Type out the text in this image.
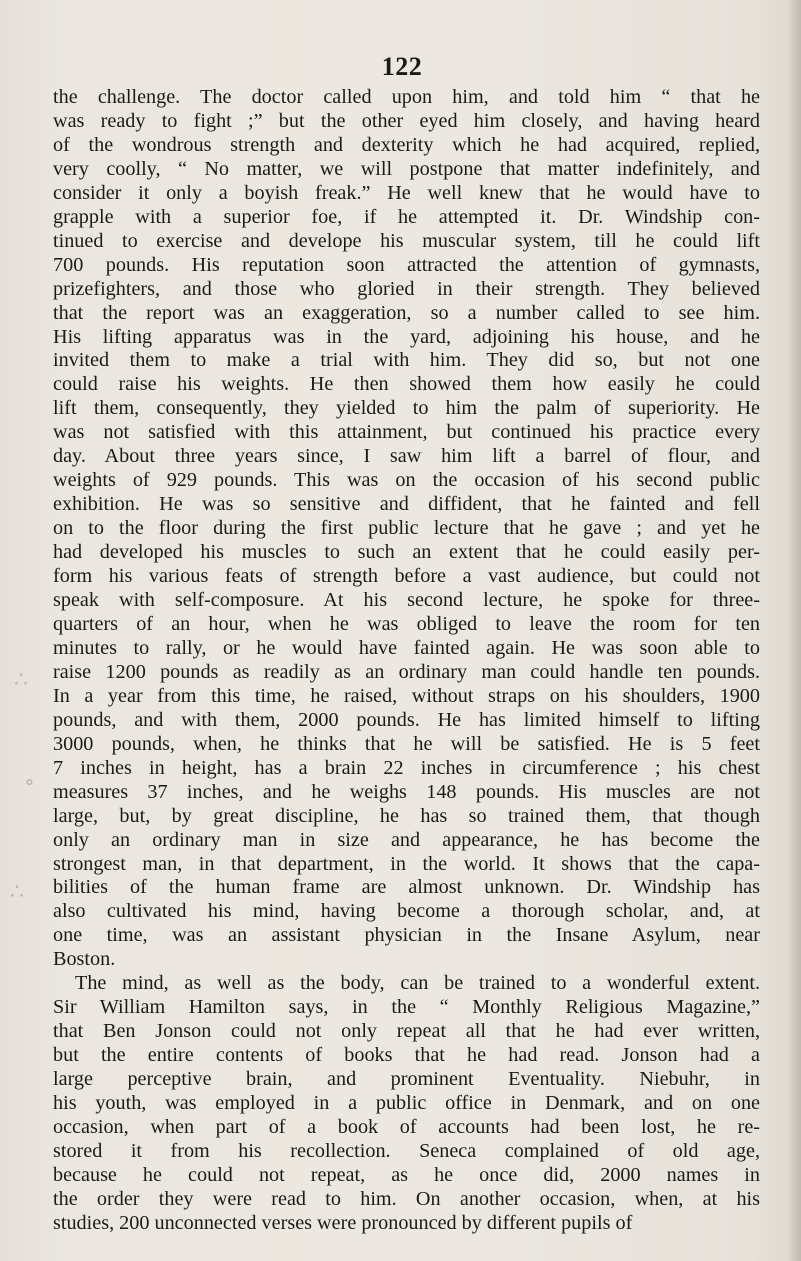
∴
∘
∴
122
the challenge. The doctor called upon him, and told him “ that he
was ready to fight ;” but the other eyed him closely, and having heard
of the wondrous strength and dexterity which he had acquired, replied,
very coolly, “ No matter, we will postpone that matter indefinitely, and
consider it only a boyish freak.” He well knew that he would have to
grapple with a superior foe, if he attempted it. Dr. Windship con-
tinued to exercise and develope his muscular system, till he could lift
700 pounds. His reputation soon attracted the attention of gymnasts,
prizefighters, and those who gloried in their strength. They believed
that the report was an exaggeration, so a number called to see him.
His lifting apparatus was in the yard, adjoining his house, and he
invited them to make a trial with him. They did so, but not one
could raise his weights. He then showed them how easily he could
lift them, consequently, they yielded to him the palm of superiority. He
was not satisfied with this attainment, but continued his practice every
day. About three years since, I saw him lift a barrel of flour, and
weights of 929 pounds. This was on the occasion of his second public
exhibition. He was so sensitive and diffident, that he fainted and fell
on to the floor during the first public lecture that he gave ; and yet he
had developed his muscles to such an extent that he could easily per-
form his various feats of strength before a vast audience, but could not
speak with self-composure. At his second lecture, he spoke for three-
quarters of an hour, when he was obliged to leave the room for ten
minutes to rally, or he would have fainted again. He was soon able to
raise 1200 pounds as readily as an ordinary man could handle ten pounds.
In a year from this time, he raised, without straps on his shoulders, 1900
pounds, and with them, 2000 pounds. He has limited himself to lifting
3000 pounds, when, he thinks that he will be satisfied. He is 5 feet
7 inches in height, has a brain 22 inches in circumference ; his chest
measures 37 inches, and he weighs 148 pounds. His muscles are not
large, but, by great discipline, he has so trained them, that though
only an ordinary man in size and appearance, he has become the
strongest man, in that department, in the world. It shows that the capa-
bilities of the human frame are almost unknown. Dr. Windship has
also cultivated his mind, having become a thorough scholar, and, at
one time, was an assistant physician in the Insane Asylum, near
Boston.
The mind, as well as the body, can be trained to a wonderful extent.
Sir William Hamilton says, in the “ Monthly Religious Magazine,”
that Ben Jonson could not only repeat all that he had ever written,
but the entire contents of books that he had read. Jonson had a
large perceptive brain, and prominent Eventuality. Niebuhr, in
his youth, was employed in a public office in Denmark, and on one
occasion, when part of a book of accounts had been lost, he re-
stored it from his recollection. Seneca complained of old age,
because he could not repeat, as he once did, 2000 names in
the order they were read to him. On another occasion, when, at his
studies, 200 unconnected verses were pronounced by different pupils of
